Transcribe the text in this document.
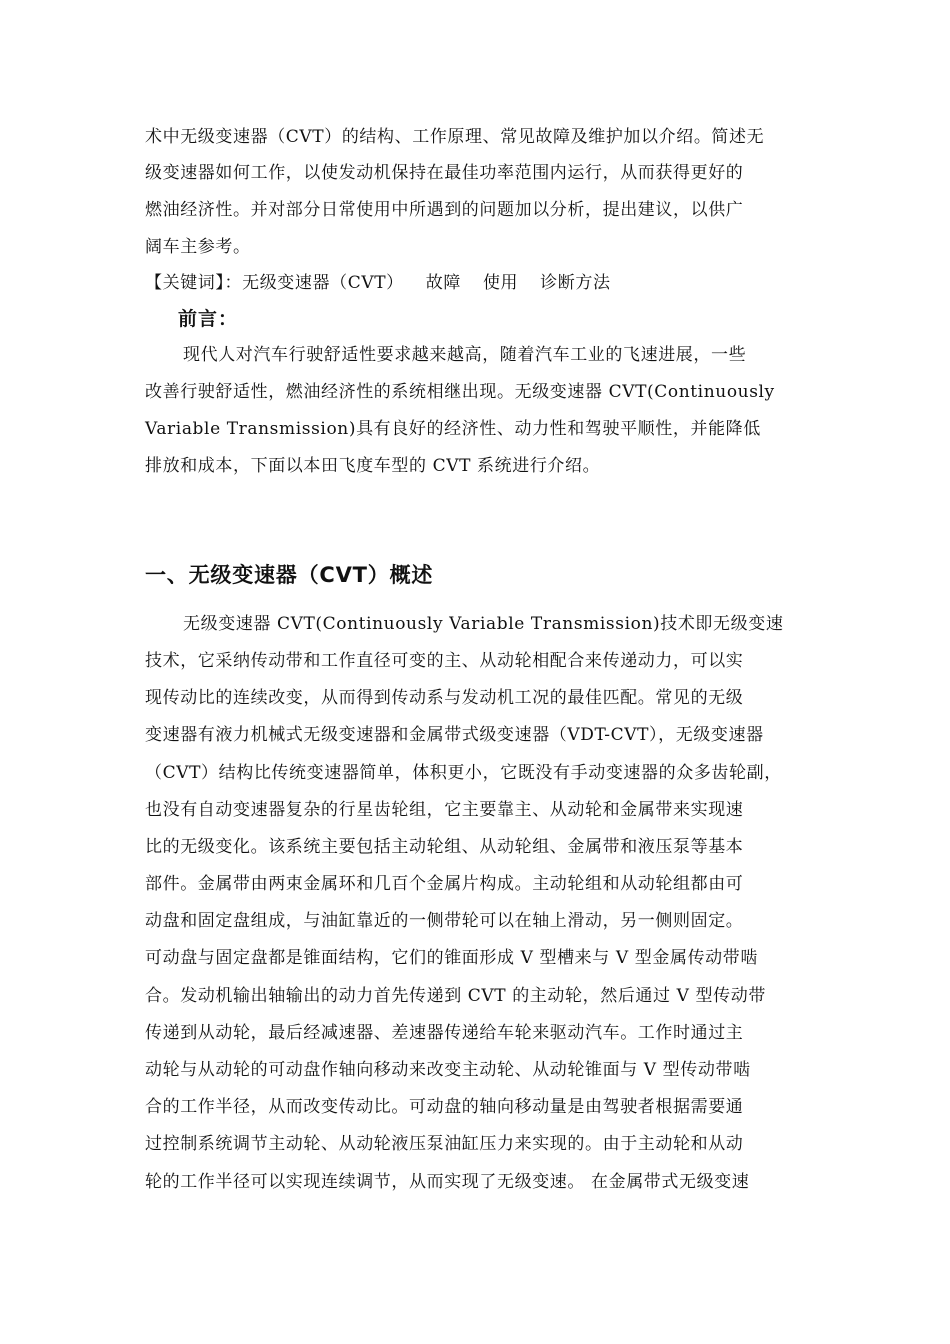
术中无级变速器（CVT）的结构、工作原理、常见故障及维护加以介绍。简述无
级变速器如何工作，以使发动机保持在最佳功率范围内运行，从而获得更好的
燃油经济性。并对部分日常使用中所遇到的问题加以分析，提出建议，以供广
阔车主参考。
【关键词】：无级变速器（CVT） 故障 使用 诊断方法
前言：
现代人对汽车行驶舒适性要求越来越高，随着汽车工业的飞速进展，一些
改善行驶舒适性，燃油经济性的系统相继出现。无级变速器 CVT(Continuously
Variable Transmission)具有良好的经济性、动力性和驾驶平顺性，并能降低
排放和成本，下面以本田飞度车型的 CVT 系统进行介绍。
一、无级变速器（CVT）概述
无级变速器 CVT(Continuously Variable Transmission)技术即无级变速
技术，它采纳传动带和工作直径可变的主、从动轮相配合来传递动力，可以实
现传动比的连续改变，从而得到传动系与发动机工况的最佳匹配。常见的无级
变速器有液力机械式无级变速器和金属带式级变速器（VDT-CVT），无级变速器
（CVT）结构比传统变速器简单，体积更小，它既没有手动变速器的众多齿轮副，
也没有自动变速器复杂的行星齿轮组，它主要靠主、从动轮和金属带来实现速
比的无级变化。该系统主要包括主动轮组、从动轮组、金属带和液压泵等基本
部件。金属带由两束金属环和几百个金属片构成。主动轮组和从动轮组都由可
动盘和固定盘组成，与油缸靠近的一侧带轮可以在轴上滑动，另一侧则固定。
可动盘与固定盘都是锥面结构，它们的锥面形成 V 型槽来与 V 型金属传动带啮
合。发动机输出轴输出的动力首先传递到 CVT 的主动轮，然后通过 V 型传动带
传递到从动轮，最后经减速器、差速器传递给车轮来驱动汽车。工作时通过主
动轮与从动轮的可动盘作轴向移动来改变主动轮、从动轮锥面与 V 型传动带啮
合的工作半径，从而改变传动比。可动盘的轴向移动量是由驾驶者根据需要通
过控制系统调节主动轮、从动轮液压泵油缸压力来实现的。由于主动轮和从动
轮的工作半径可以实现连续调节，从而实现了无级变速。 在金属带式无级变速
